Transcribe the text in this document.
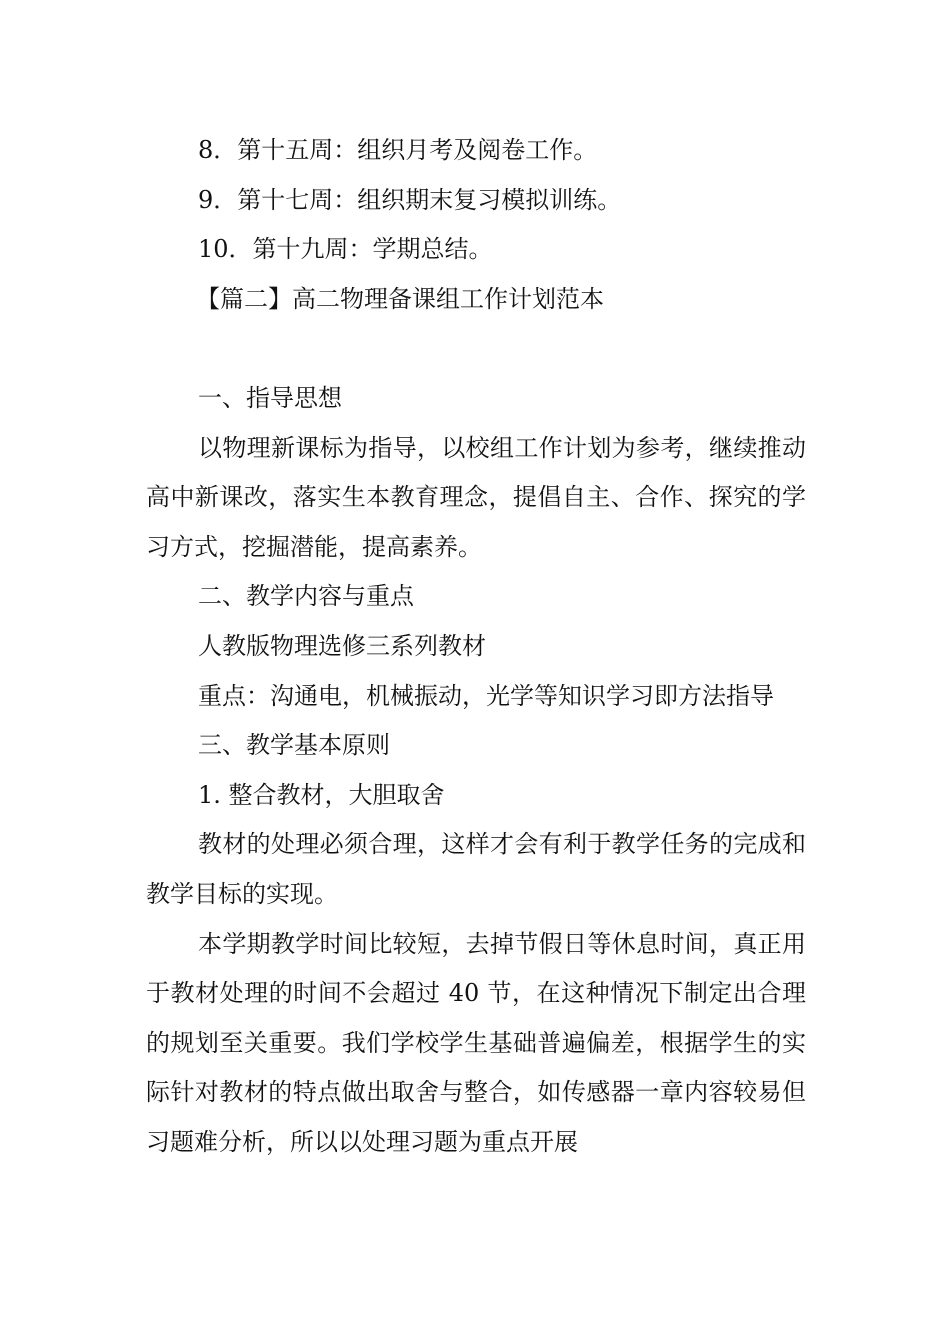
8．第十五周：组织月考及阅卷工作。

9．第十七周：组织期末复习模拟训练。

10．第十九周：学期总结。

【篇二】高二物理备课组工作计划范本

一、指导思想

以物理新课标为指导，以校组工作计划为参考，继续推动高中新课改，落实生本教育理念，提倡自主、合作、探究的学习方式，挖掘潜能，提高素养。

二、教学内容与重点

人教版物理选修三系列教材

重点：沟通电，机械振动，光学等知识学习即方法指导

三、教学基本原则

1. 整合教材，大胆取舍

教材的处理必须合理，这样才会有利于教学任务的完成和教学目标的实现。

本学期教学时间比较短，去掉节假日等休息时间，真正用于教材处理的时间不会超过 40 节，在这种情况下制定出合理的规划至关重要。我们学校学生基础普遍偏差，根据学生的实际针对教材的特点做出取舍与整合，如传感器一章内容较易但习题难分析，所以以处理习题为重点开展
